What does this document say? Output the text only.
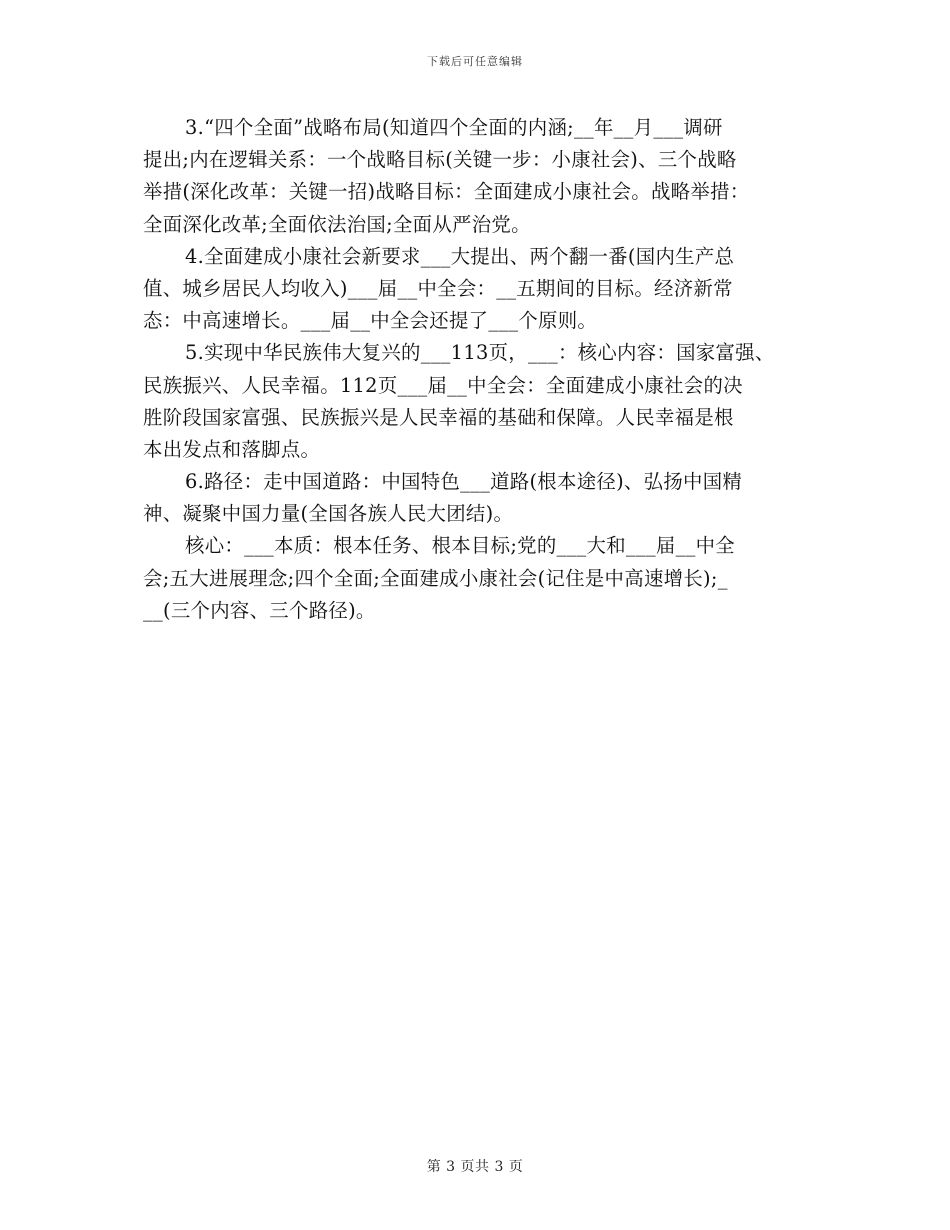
下载后可任意编辑
3.“四个全面”战略布局(知道四个全面的内涵;__年__月___调研
提出;内在逻辑关系：一个战略目标(关键一步：小康社会)、三个战略
举措(深化改革：关键一招)战略目标：全面建成小康社会。战略举措：
全面深化改革;全面依法治国;全面从严治党。
4.全面建成小康社会新要求___大提出、两个翻一番(国内生产总
值、城乡居民人均收入)___届__中全会：__五期间的目标。经济新常
态：中高速增长。___届__中全会还提了___个原则。
5.实现中华民族伟大复兴的___113页，___：核心内容：国家富强、
民族振兴、人民幸福。112页___届__中全会：全面建成小康社会的决
胜阶段国家富强、民族振兴是人民幸福的基础和保障。人民幸福是根
本出发点和落脚点。
6.路径：走中国道路：中国特色___道路(根本途径)、弘扬中国精
神、凝聚中国力量(全国各族人民大团结)。
核心：___本质：根本任务、根本目标;党的___大和___届__中全
会;五大进展理念;四个全面;全面建成小康社会(记住是中高速增长);_
__(三个内容、三个路径)。
第 3 页共 3 页
